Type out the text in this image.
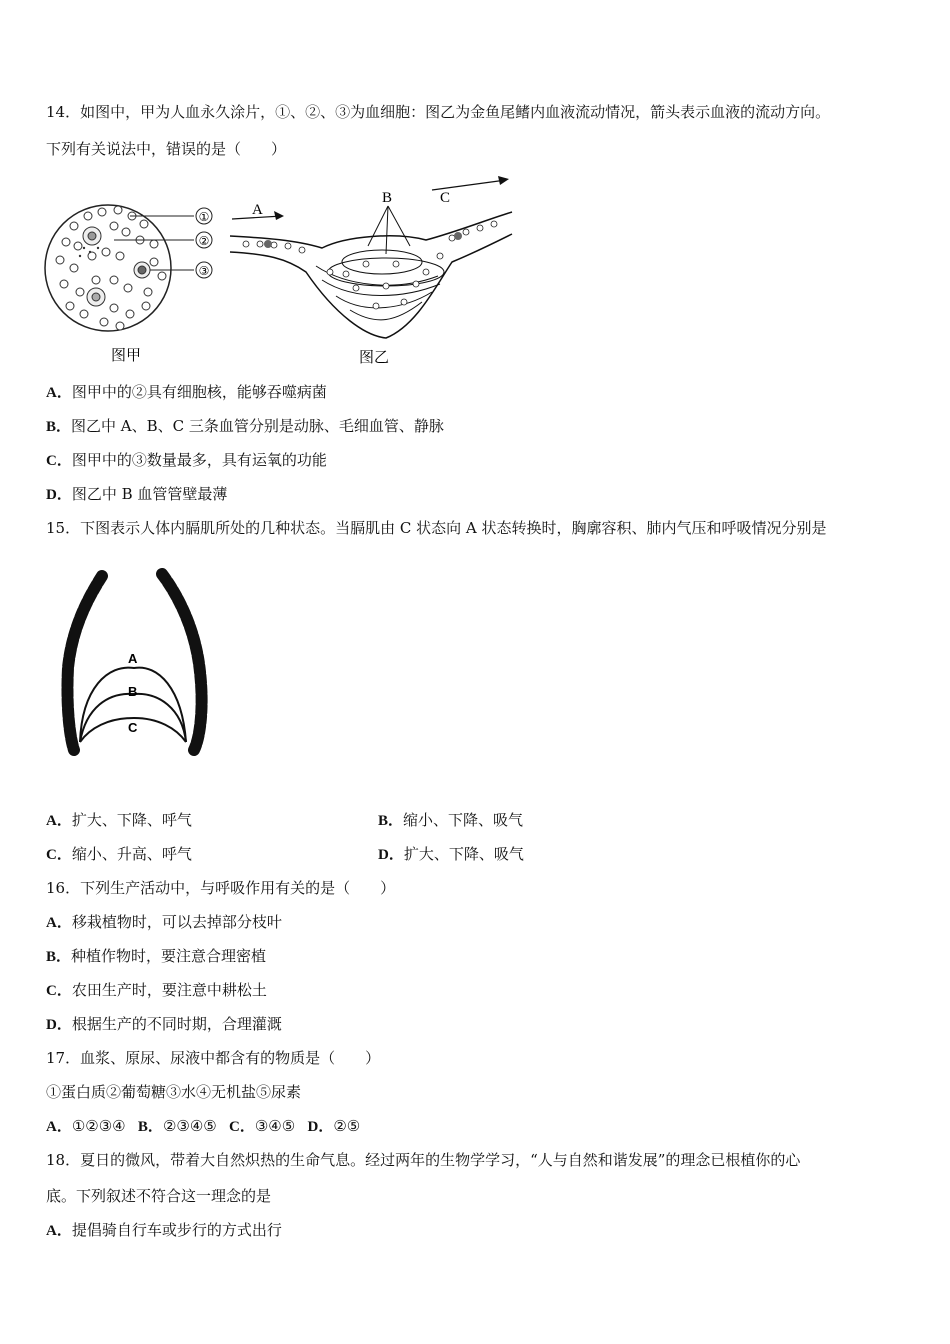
14．如图中，甲为人血永久涂片，①、②、③为血细胞：图乙为金鱼尾鳍内血液流动情况，箭头表示血液的流动方向。
下列有关说法中，错误的是（　　）
①
②
③
图甲
A
B	C
图乙
A．图甲中的②具有细胞核，能够吞噬病菌
B．图乙中 A、B、C 三条血管分别是动脉、毛细血管、静脉
C．图甲中的③数量最多，具有运氧的功能
D．图乙中 B 血管管壁最薄
15．下图表示人体内膈肌所处的几种状态。当膈肌由 C 状态向 A 状态转换时，胸廓容积、肺内气压和呼吸情况分别是
A
B
C
A．扩大、下降、呼气	B．缩小、下降、吸气
C．缩小、升高、呼气	D．扩大、下降、吸气
16．下列生产活动中，与呼吸作用有关的是（　　）
A．移栽植物时，可以去掉部分枝叶
B．种植作物时，要注意合理密植
C．农田生产时，要注意中耕松土
D．根据生产的不同时期，合理灌溉
17．血浆、原尿、尿液中都含有的物质是（　　）
①蛋白质②葡萄糖③水④无机盐⑤尿素
A．①②③④  B．②③④⑤  C．③④⑤  D．②⑤
18．夏日的微风，带着大自然炽热的生命气息。经过两年的生物学学习，“人与自然和谐发展”的理念已根植你的心
底。下列叙述不符合这一理念的是
A．提倡骑自行车或步行的方式出行
